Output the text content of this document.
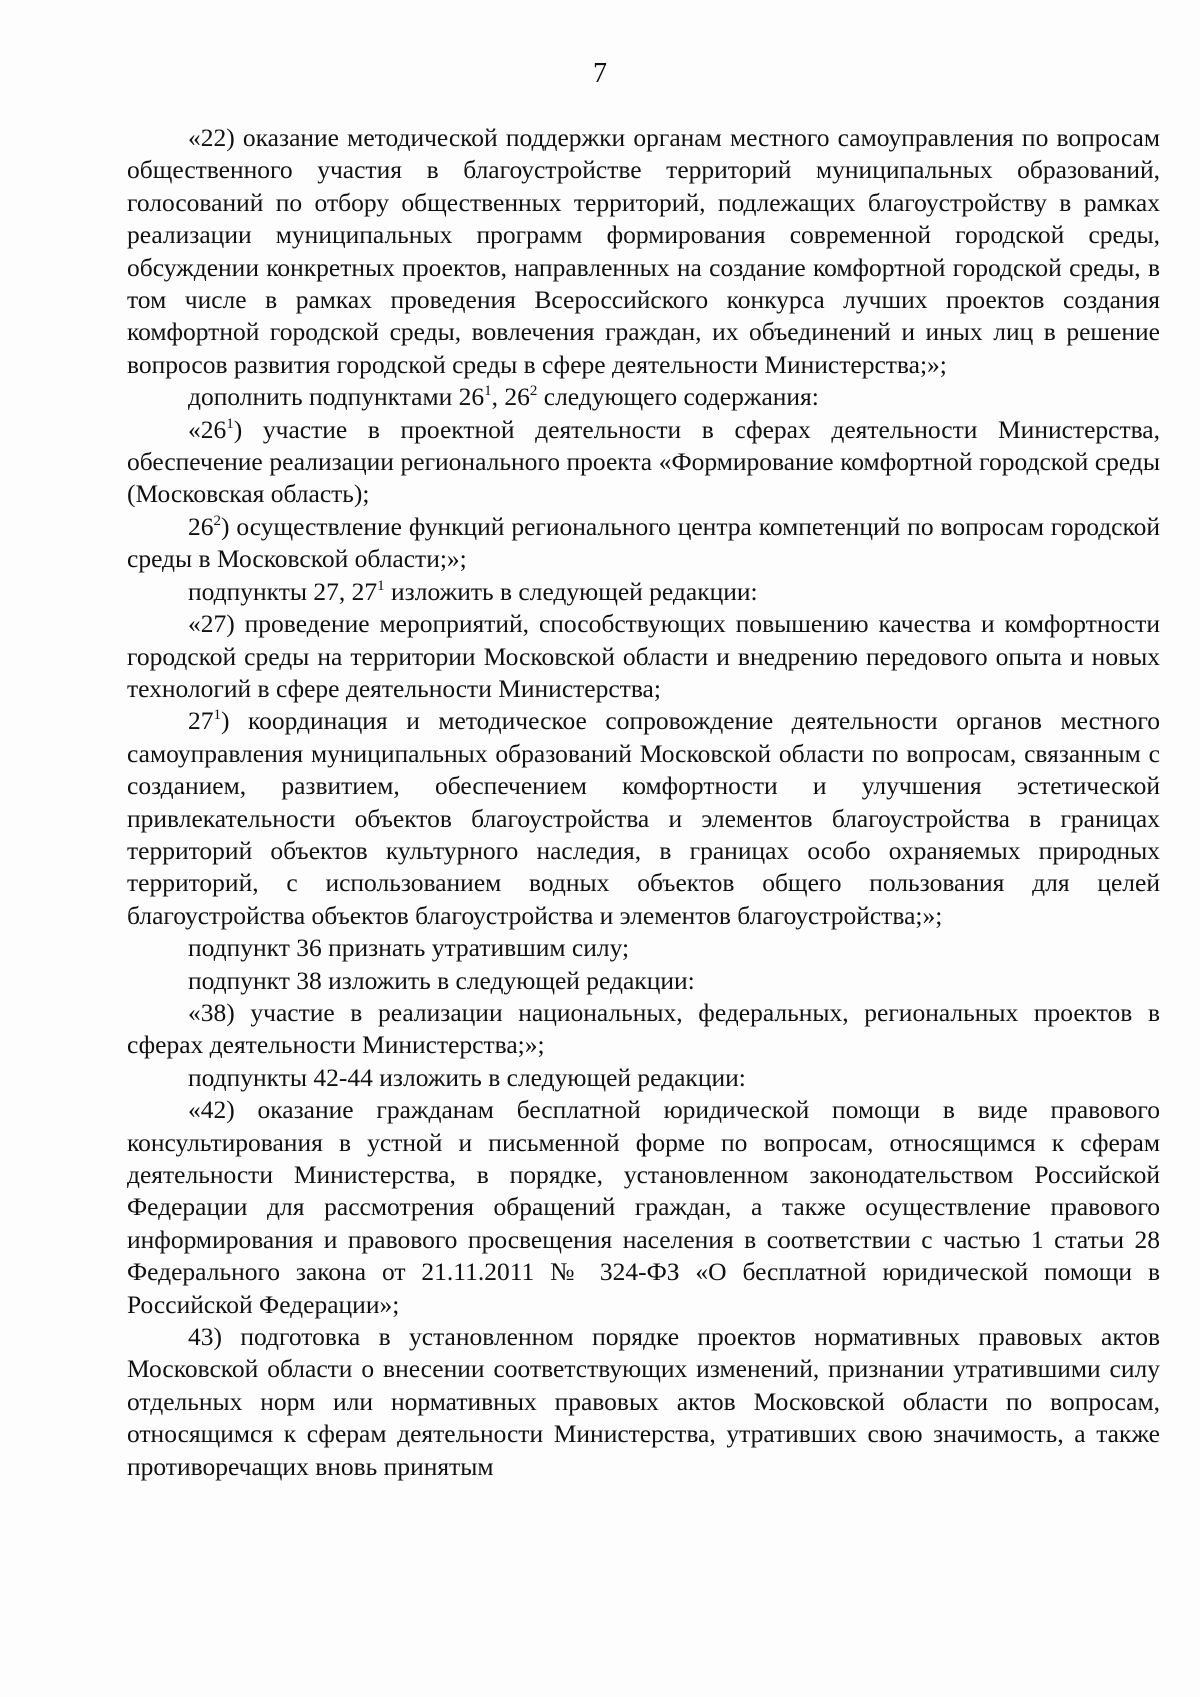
7

«22) оказание методической поддержки органам местного самоуправления по вопросам общественного участия в благоустройстве территорий муниципальных образований, голосований по отбору общественных территорий, подлежащих благоустройству в рамках реализации муниципальных программ формирования современной городской среды, обсуждении конкретных проектов, направленных на создание комфортной городской среды, в том числе в рамках проведения Всероссийского конкурса лучших проектов создания комфортной городской среды, вовлечения граждан, их объединений и иных лиц в решение вопросов развития городской среды в сфере деятельности Министерства;»;

дополнить подпунктами $26^1$, $26^2$ следующего содержания:

«$26^1$) участие в проектной деятельности в сферах деятельности Министерства, обеспечение реализации регионального проекта «Формирование комфортной городской среды (Московская область);

$26^2$) осуществление функций регионального центра компетенций по вопросам городской среды в Московской области;»;

подпункты 27, $27^1$ изложить в следующей редакции:

«27) проведение мероприятий, способствующих повышению качества и комфортности городской среды на территории Московской области и внедрению передового опыта и новых технологий в сфере деятельности Министерства;

$27^1$) координация и методическое сопровождение деятельности органов местного самоуправления муниципальных образований Московской области по вопросам, связанным с созданием, развитием, обеспечением комфортности и улучшения эстетической привлекательности объектов благоустройства и элементов благоустройства в границах территорий объектов культурного наследия, в границах особо охраняемых природных территорий, с использованием водных объектов общего пользования для целей благоустройства объектов благоустройства и элементов благоустройства;»;

подпункт 36 признать утратившим силу;

подпункт 38 изложить в следующей редакции:

«38) участие в реализации национальных, федеральных, региональных проектов в сферах деятельности Министерства;»;

подпункты 42-44 изложить в следующей редакции:

«42) оказание гражданам бесплатной юридической помощи в виде правового консультирования в устной и письменной форме по вопросам, относящимся к сферам деятельности Министерства, в порядке, установленном законодательством Российской Федерации для рассмотрения обращений граждан, а также осуществление правового информирования и правового просвещения населения в соответствии с частью 1 статьи 28 Федерального закона от 21.11.2011 № 324-ФЗ «О бесплатной юридической помощи в Российской Федерации»;

43) подготовка в установленном порядке проектов нормативных правовых актов Московской области о внесении соответствующих изменений, признании утратившими силу отдельных норм или нормативных правовых актов Московской области по вопросам, относящимся к сферам деятельности Министерства, утративших свою значимость, а также противоречащих вновь принятым
